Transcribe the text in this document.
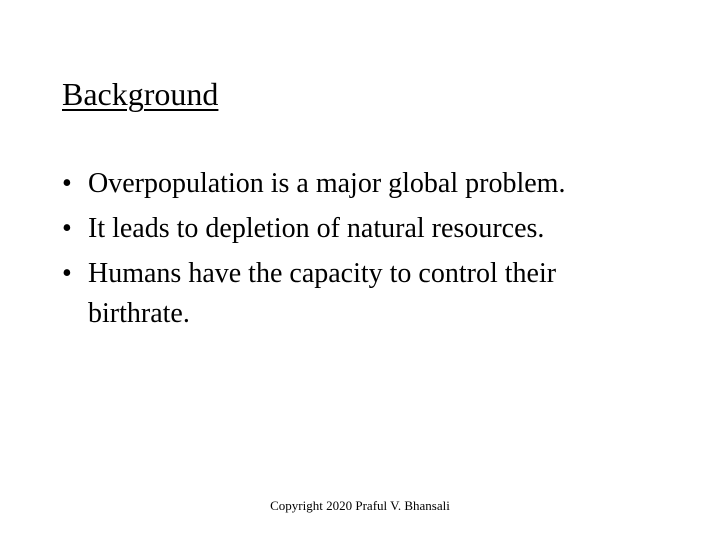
Background
• Overpopulation is a major global problem.
• It leads to depletion of natural resources.
• Humans have the capacity to control their birthrate.
Copyright 2020 Praful V. Bhansali
